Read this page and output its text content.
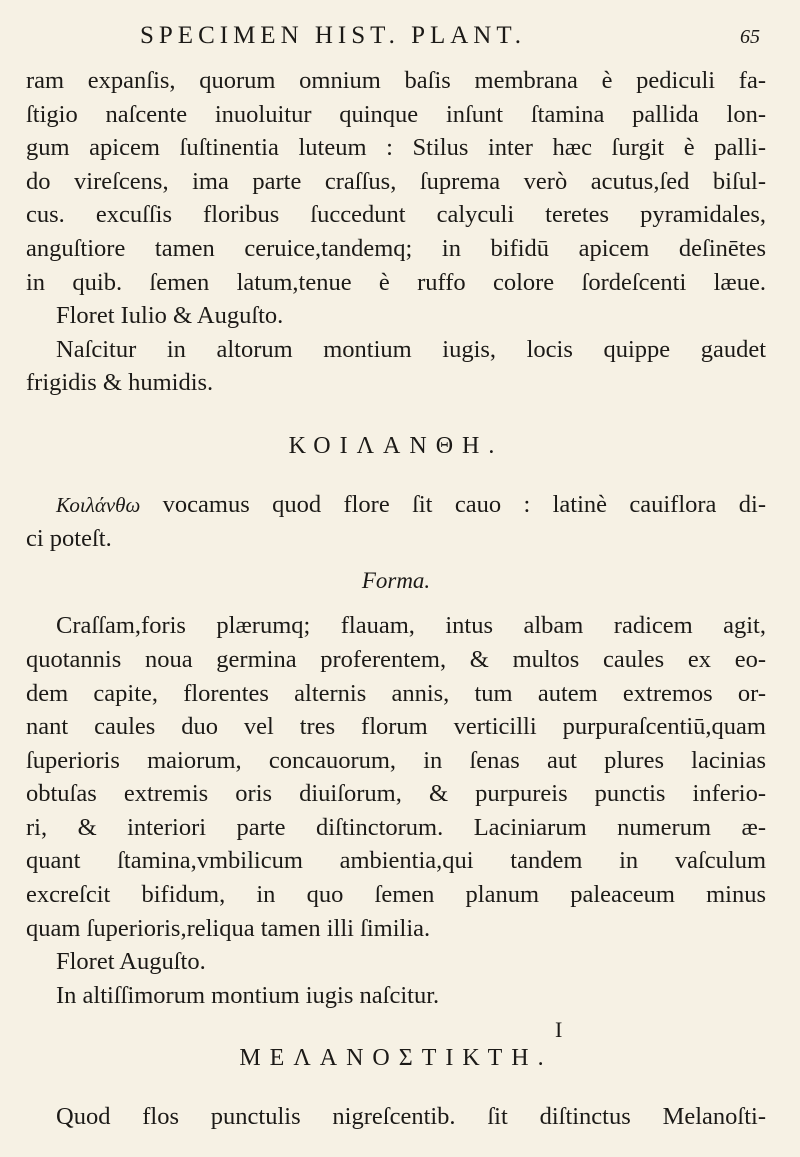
SPECIMEN HIST. PLANT.	65
ram expanſis, quorum omnium baſis membrana è pediculi fa-
ſtigio naſcente inuoluitur quinque inſunt ſtamina pallida lon-
gum apicem ſuſtinentia luteum : Stilus inter hæc ſurgit è palli-
do vireſcens, ima parte craſſus, ſuprema verò acutus,ſed biſul-
cus. excuſſis floribus ſuccedunt calyculi teretes pyramidales,
anguſtiore tamen ceruice,tandemq; in bifidū apicem deſinētes
in quib. ſemen latum,tenue è ruffo colore ſordeſcenti læue.
Floret Iulio & Auguſto.
Naſcitur in altorum montium iugis, locis quippe gaudet
frigidis & humidis.
ΚΟΙΛΑΝΘΗ.
Κοιλάνθω vocamus quod flore ſit cauo : latinè cauiflora di-
ci poteſt.
Forma.
Craſſam,foris plærumq; flauam, intus albam radicem agit,
quotannis noua germina proferentem, & multos caules ex eo-
dem capite, florentes alternis annis, tum autem extremos or-
nant caules duo vel tres florum verticilli purpuraſcentiū,quam
ſuperioris maiorum, concauorum, in ſenas aut plures lacinias
obtuſas extremis oris diuiſorum, & purpureis punctis inferio-
ri, & interiori parte diſtinctorum. Laciniarum numerum æ-
quant ſtamina,vmbilicum ambientia,qui tandem in vaſculum
excreſcit bifidum, in quo ſemen planum paleaceum minus
quam ſuperioris,reliqua tamen illi ſimilia.
Floret Auguſto.
In altiſſimorum montium iugis naſcitur.
ΜΕΛΑΝΟΣΤΙΚΤΗ.
Quod flos punctulis nigreſcentib. ſit diſtinctus Melanoſti-
I
